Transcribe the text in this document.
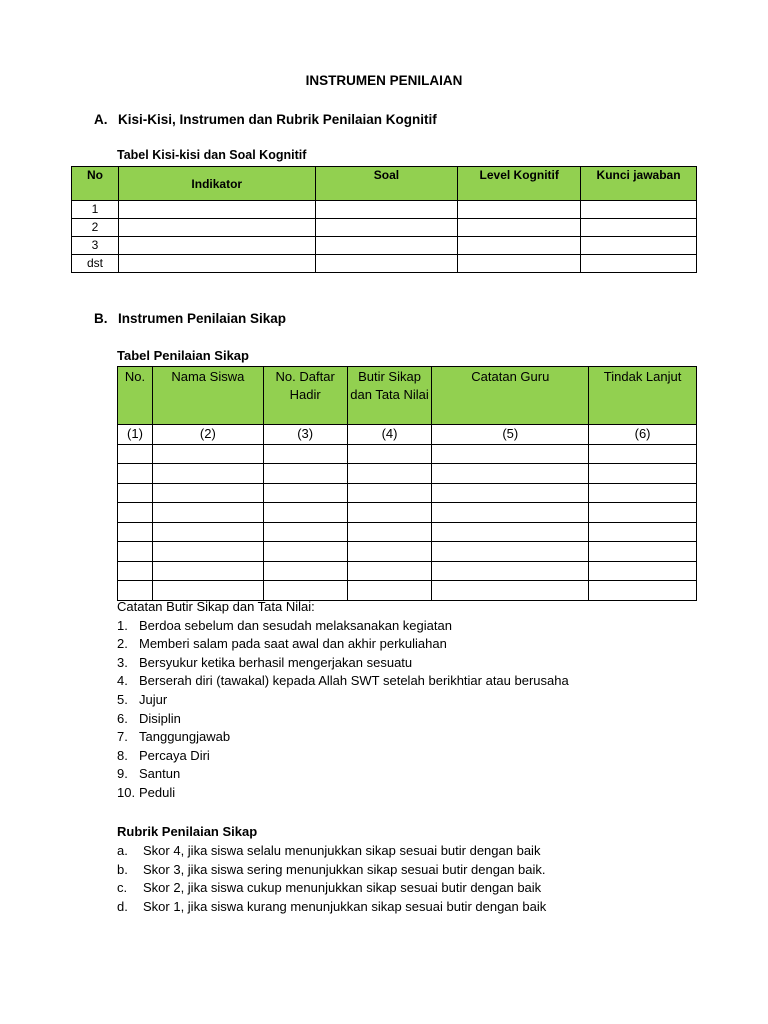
INSTRUMEN PENILAIAN
A. Kisi-Kisi, Instrumen dan Rubrik Penilaian Kognitif
Tabel Kisi-kisi dan Soal Kognitif
No	Indikator	Soal	Level Kognitif	Kunci jawaban
1				
2				
3				
dst				
B. Instrumen Penilaian Sikap
Tabel Penilaian Sikap
No.	Nama Siswa	No. Daftar Hadir	Butir Sikap dan Tata Nilai	Catatan Guru	Tindak Lanjut
(1)	(2)	(3)	(4)	(5)	(6)

Catatan Butir Sikap dan Tata Nilai:
1. Berdoa sebelum dan sesudah melaksanakan kegiatan
2. Memberi salam pada saat awal dan akhir perkuliahan
3. Bersyukur ketika berhasil mengerjakan sesuatu
4. Berserah diri (tawakal) kepada Allah SWT setelah berikhtiar atau berusaha
5. Jujur
6. Disiplin
7. Tanggungjawab
8. Percaya Diri
9. Santun
10. Peduli
Rubrik Penilaian Sikap
a. Skor 4, jika siswa selalu menunjukkan sikap sesuai butir dengan baik
b. Skor 3, jika siswa sering menunjukkan sikap sesuai butir dengan baik.
c. Skor 2, jika siswa cukup menunjukkan sikap sesuai butir dengan baik
d. Skor 1, jika siswa kurang menunjukkan sikap sesuai butir dengan baik
